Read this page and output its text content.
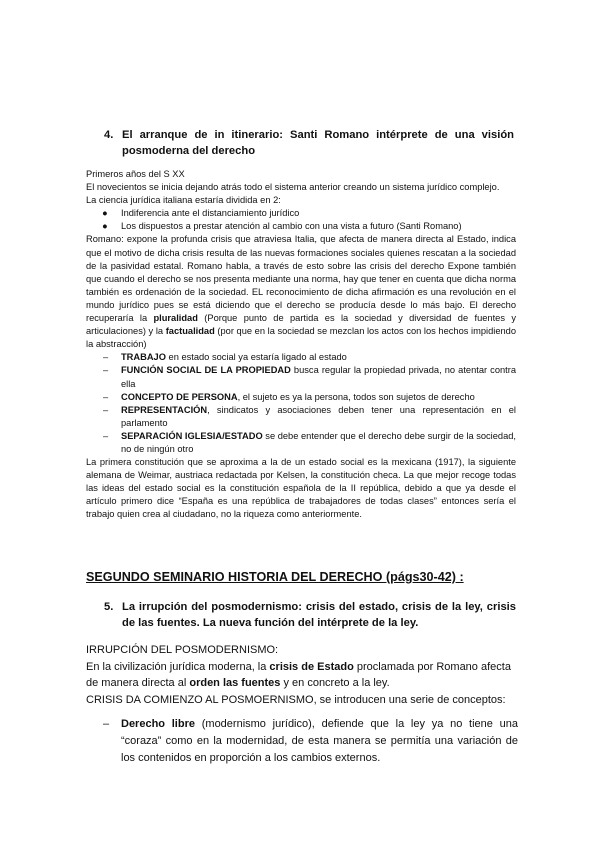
4. El arranque de in itinerario: Santi Romano intérprete de una visión posmoderna del derecho

Primeros años del S XX

El novecientos se inicia dejando atrás todo el sistema anterior creando un sistema jurídico complejo.

La ciencia jurídica italiana estaría dividida en 2:

● Indiferencia ante el distanciamiento jurídico

● Los dispuestos a prestar atención al cambio con una vista a futuro (Santi Romano)

Romano: expone la profunda crisis que atraviesa Italia, que afecta de manera directa al Estado, indica que el motivo de dicha crisis resulta de las nuevas formaciones sociales quienes rescatan a la sociedad de la pasividad estatal. Romano habla, a través de esto sobre las crisis del derecho Expone también que cuando el derecho se nos presenta mediante una norma, hay que tener en cuenta que dicha norma también es ordenación de la sociedad. EL reconocimiento de dicha afirmación es una revolución en el mundo jurídico pues se está diciendo que el derecho se producía desde lo más bajo. El derecho recuperaría la pluralidad (Porque punto de partida es la sociedad y diversidad de fuentes y articulaciones) y la factualidad (por que en la sociedad se mezclan los actos con los hechos impidiendo la abstracción)

– TRABAJO en estado social ya estaría ligado al estado

– FUNCIÓN SOCIAL DE LA PROPIEDAD busca regular la propiedad privada, no atentar contra ella

– CONCEPTO DE PERSONA, el sujeto es ya la persona, todos son sujetos de derecho

– REPRESENTACIÓN, sindicatos y asociaciones deben tener una representación en el parlamento

– SEPARACIÓN IGLESIA/ESTADO se debe entender que el derecho debe surgir de la sociedad, no de ningún otro

La primera constitución que se aproxima a la de un estado social es la mexicana (1917), la siguiente alemana de Weimar, austriaca redactada por Kelsen, la constitución checa. La que mejor recoge todas las ideas del estado social es la constitución española de la II república, debido a que ya desde el artículo primero dice “España es una república de trabajadores de todas clases” entonces sería el trabajo quien crea al ciudadano, no la riqueza como anteriormente.

SEGUNDO SEMINARIO HISTORIA DEL DERECHO (págs30-42) :
5. La irrupción del posmodernismo: crisis del estado, crisis de la ley, crisis de las fuentes. La nueva función del intérprete de la ley.

IRRUPCIÓN DEL POSMODERNISMO:

En la civilización jurídica moderna, la crisis de Estado proclamada por Romano afecta de manera directa al orden las fuentes y en concreto a la ley.

CRISIS DA COMIENZO AL POSMOERNISMO, se introducen una serie de conceptos:

–	Derecho libre (modernismo jurídico), defiende que la ley ya no tiene una “coraza” como en la modernidad, de esta manera se permitía una variación de los contenidos en proporción a los cambios externos.
